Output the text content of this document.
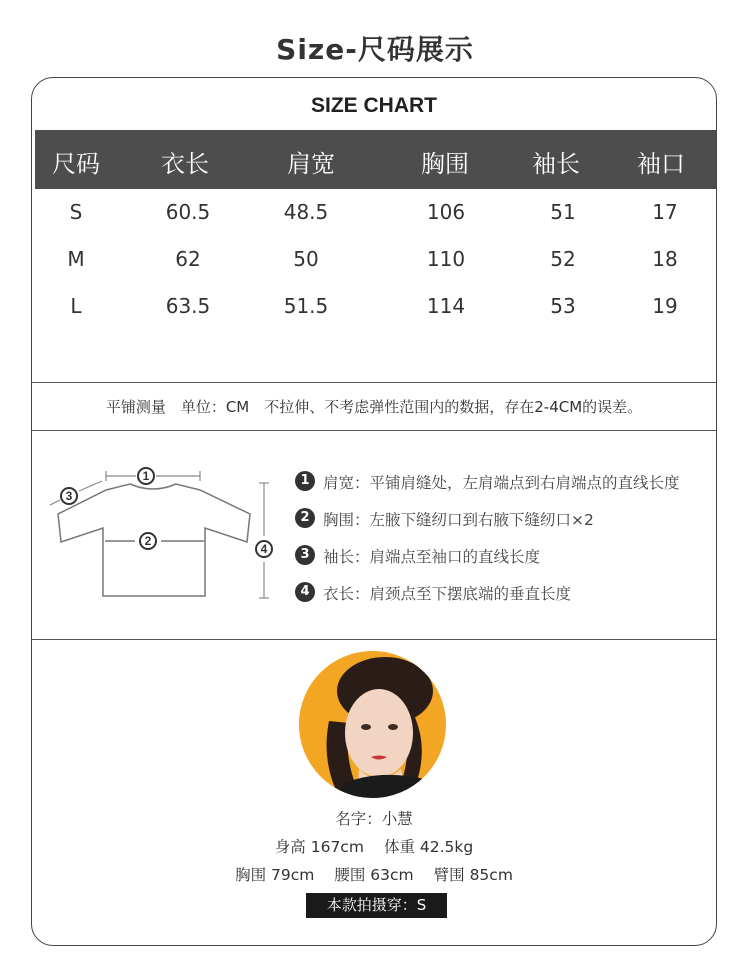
Size-尺码展示
SIZE CHART
尺码	衣长	肩宽	胸围	袖长	袖口
S	60.5	48.5	106	51	17
M	62	50	110	52	18
L	63.5	51.5	114	53	19
平铺测量　单位：CM　不拉伸、不考虑弹性范围内的数据，存在2-4CM的误差。
1
2
3
4
1 肩宽：平铺肩缝处，左肩端点到右肩端点的直线长度
2 胸围：左腋下缝纫口到右腋下缝纫口×2
3 袖长：肩端点至袖口的直线长度
4 衣长：肩颈点至下摆底端的垂直长度
名字：小慧
身高 167cm 体重 42.5kg
胸围 79cm 腰围 63cm 臂围 85cm
本款拍摄穿：S
